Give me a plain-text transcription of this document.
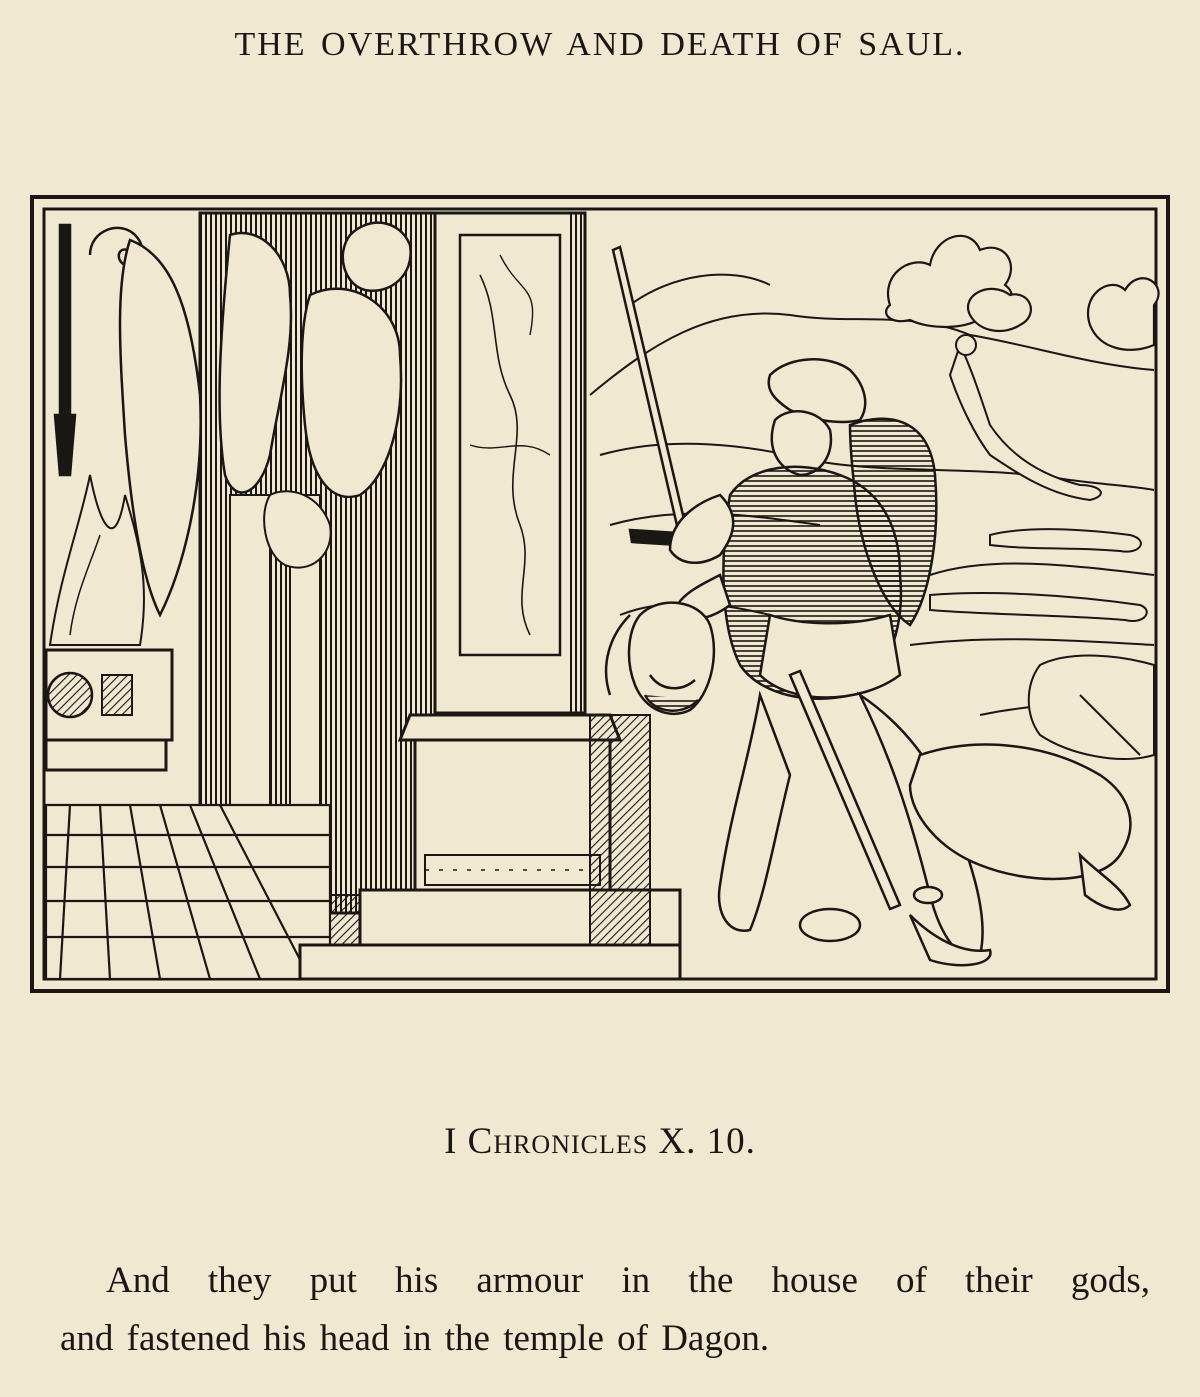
THE OVERTHROW AND DEATH OF SAUL.
I Chronicles X. 10.
And they put his armour in the house of their gods,
and fastened his head in the temple of Dagon.
